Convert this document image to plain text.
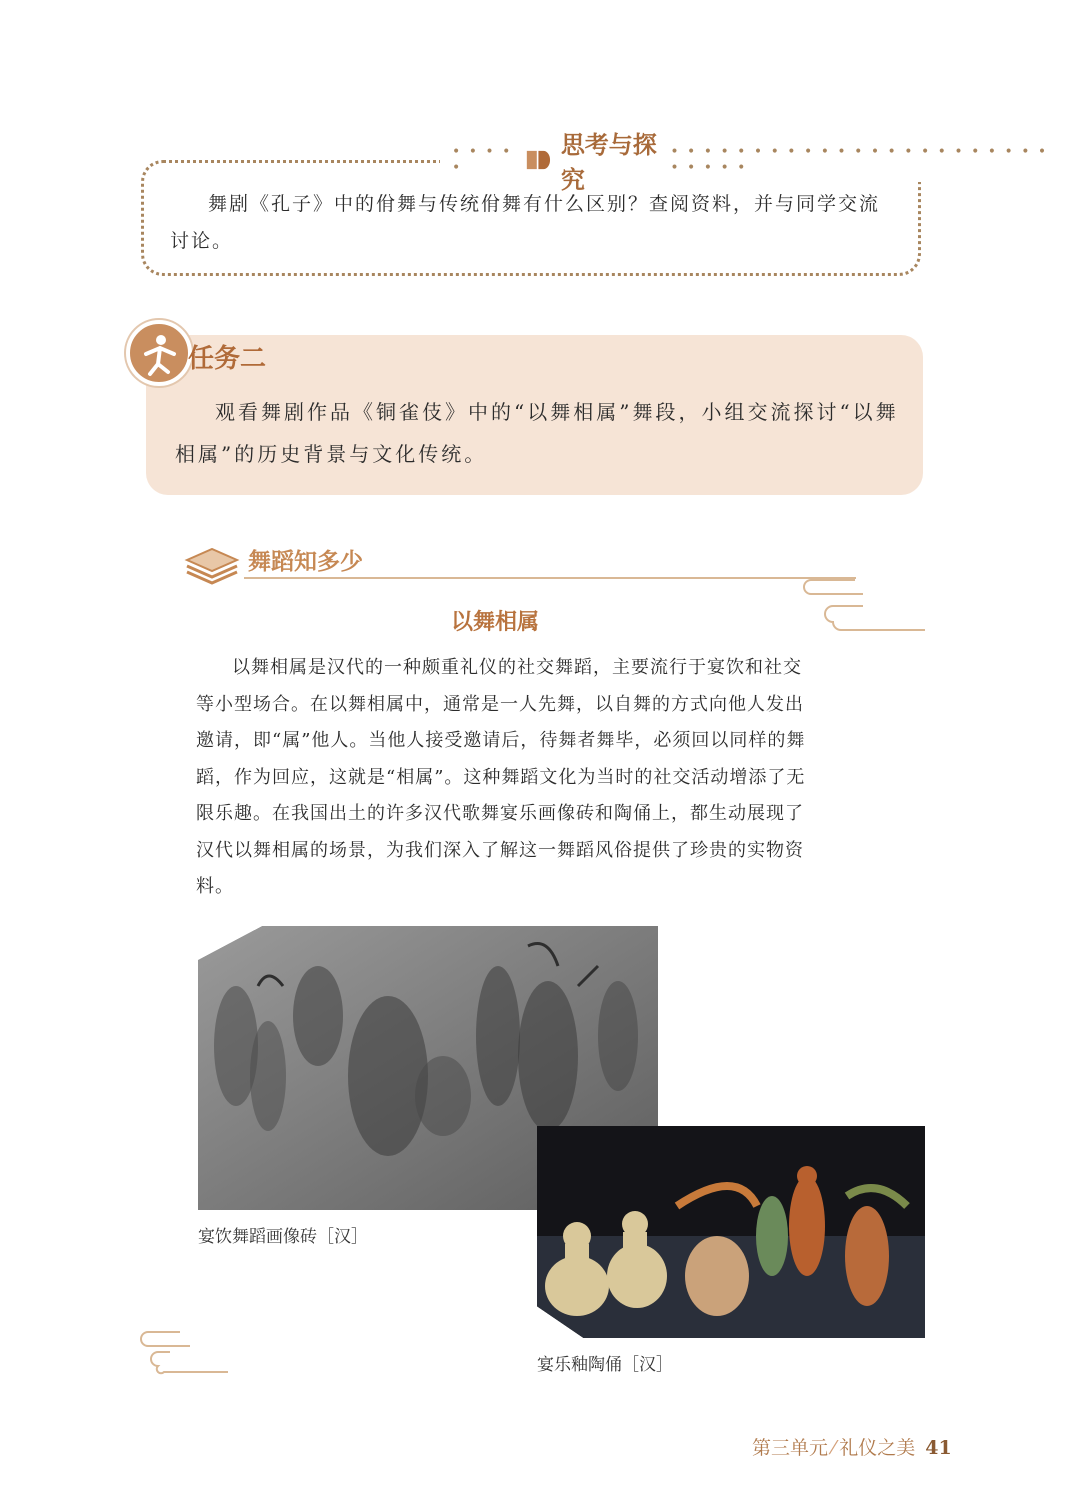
• • • • •
思考与探究
• • • • • • • • • • • • • • • • • • • • • • • • • • • •
舞剧《孔子》中的佾舞与传统佾舞有什么区别？查阅资料，并与同学交流讨论。
任务二
观看舞剧作品《铜雀伎》中的“以舞相属”舞段，小组交流探讨“以舞相属”的历史背景与文化传统。
舞蹈知多少
以舞相属
以舞相属是汉代的一种颇重礼仪的社交舞蹈，主要流行于宴饮和社交等小型场合。在以舞相属中，通常是一人先舞，以自舞的方式向他人发出邀请，即“属”他人。当他人接受邀请后，待舞者舞毕，必须回以同样的舞蹈，作为回应，这就是“相属”。这种舞蹈文化为当时的社交活动增添了无限乐趣。在我国出土的许多汉代歌舞宴乐画像砖和陶俑上，都生动展现了汉代以舞相属的场景，为我们深入了解这一舞蹈风俗提供了珍贵的实物资料。
宴饮舞蹈画像砖［汉］
宴乐釉陶俑［汉］
第三单元 ⁄ 礼仪之美 41
